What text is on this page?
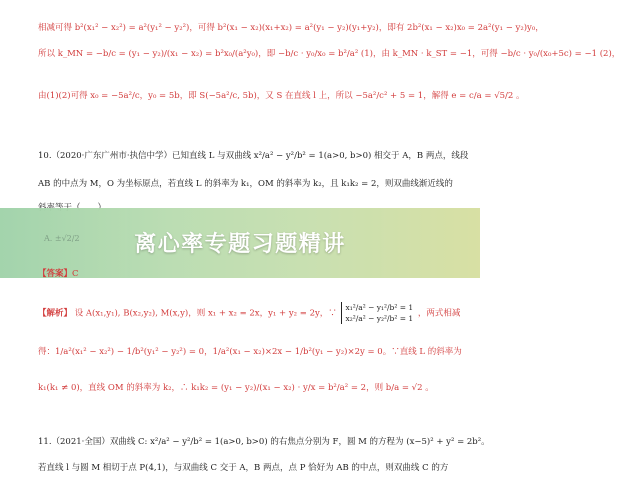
相减可得 b²(x₁² − x₂²) = a²(y₁² − y₂²)，可得 b²(x₁ − x₂)(x₁+x₂) = a²(y₁ − y₂)(y₁+y₂)，即有 2b²(x₁ − x₂)x₀ = 2a²(y₁ − y₂)y₀，
所以 k_MN = −b/c = (y₁ − y₂)/(x₁ − x₂) = b²x₀/(a²y₀)，即 −b/c · y₀/x₀ = b²/a² (1)，由 k_MN · k_ST = −1，可得 −b/c · y₀/(x₀+5c) = −1 (2)，
由(1)(2)可得 x₀ = −5a²/c，y₀ = 5b，即 S(−5a²/c, 5b)，又 S 在直线 l 上，所以 −5a²/c² + 5 = 1，解得 e = c/a = √5/2 。
10.（2020·广东广州市·执信中学）已知直线 L 与双曲线 x²/a² − y²/b² = 1(a>0, b>0) 相交于 A，B 两点，线段
AB 的中点为 M，O 为坐标原点，若直线 L 的斜率为 k₁，OM 的斜率为 k₂，且 k₁k₂ = 2，则双曲线渐近线的
离心率专题习题精讲
A. ±√2/2
【答案】C
【解析】 设 A(x₁,y₁), B(x₂,y₂), M(x,y)，则 x₁ + x₂ = 2x，y₁ + y₂ = 2y，∵
x₁²/a² − y₁²/b² = 1
x₂²/a² − y₂²/b² = 1 ，两式相减
得：1/a²(x₁² − x₂²) − 1/b²(y₁² − y₂²) = 0，1/a²(x₁ − x₂)×2x − 1/b²(y₁ − y₂)×2y = 0。∵直线 L 的斜率为
k₁(k₁ ≠ 0)，直线 OM 的斜率为 k₂，∴ k₁k₂ = (y₁ − y₂)/(x₁ − x₂) · y/x = b²/a² = 2，则 b/a = √2 。
11.（2021·全国）双曲线 C: x²/a² − y²/b² = 1(a>0, b>0) 的右焦点分别为 F，圆 M 的方程为 (x−5)² + y² = 2b²。
若直线 l 与圆 M 相切于点 P(4,1)，与双曲线 C 交于 A，B 两点，点 P 恰好为 AB 的中点，则双曲线 C 的方
